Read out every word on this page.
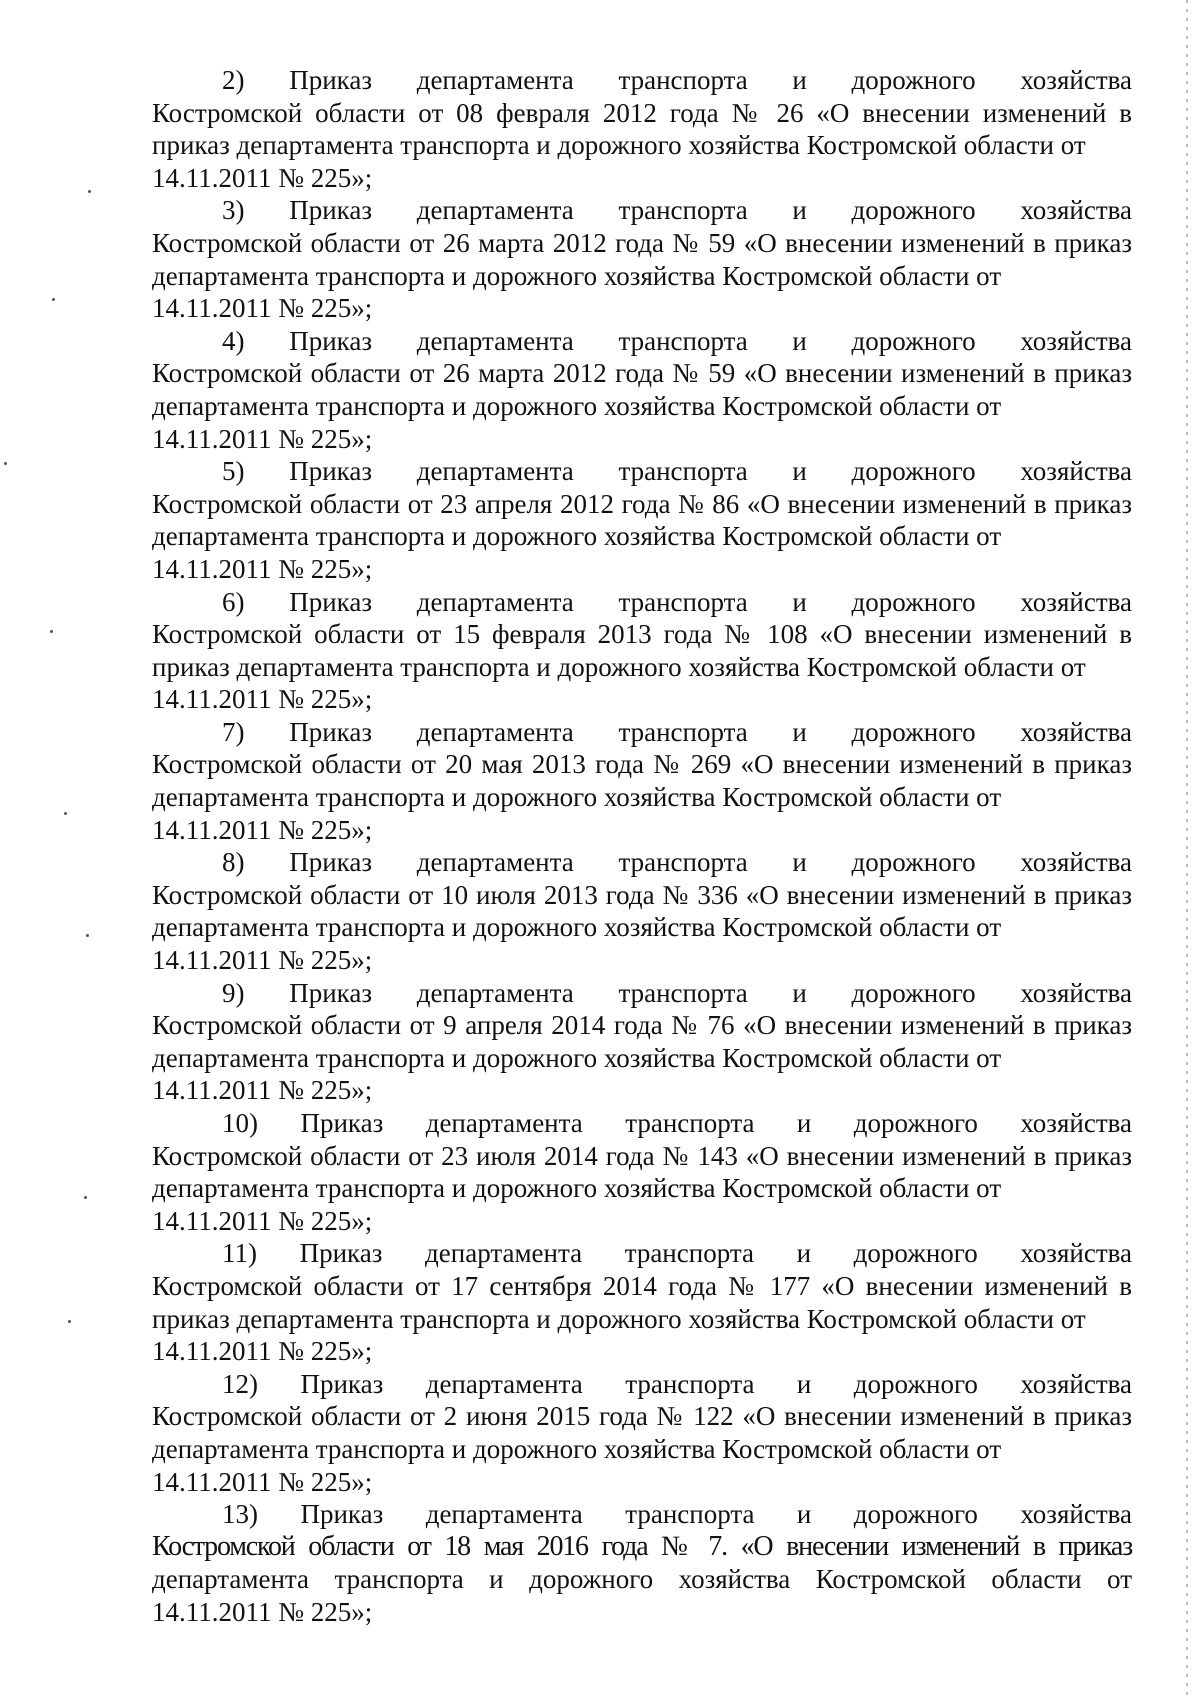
2) Приказ департамента транспорта и дорожного хозяйства
Костромской области от 08 февраля 2012 года № 26 «О внесении изменений в приказ департамента транспорта и дорожного хозяйства Костромской области от
14.11.2011 № 225»;
3) Приказ департамента транспорта и дорожного хозяйства
Костромской области от 26 марта 2012 года № 59 «О внесении изменений в приказ департамента транспорта и дорожного хозяйства Костромской области от
14.11.2011 № 225»;
4) Приказ департамента транспорта и дорожного хозяйства
Костромской области от 26 марта 2012 года № 59 «О внесении изменений в приказ департамента транспорта и дорожного хозяйства Костромской области от
14.11.2011 № 225»;
5) Приказ департамента транспорта и дорожного хозяйства
Костромской области от 23 апреля 2012 года № 86 «О внесении изменений в приказ департамента транспорта и дорожного хозяйства Костромской области от
14.11.2011 № 225»;
6) Приказ департамента транспорта и дорожного хозяйства
Костромской области от 15 февраля 2013 года № 108 «О внесении изменений в приказ департамента транспорта и дорожного хозяйства Костромской области от
14.11.2011 № 225»;
7) Приказ департамента транспорта и дорожного хозяйства
Костромской области от 20 мая 2013 года № 269 «О внесении изменений в приказ департамента транспорта и дорожного хозяйства Костромской области от
14.11.2011 № 225»;
8) Приказ департамента транспорта и дорожного хозяйства
Костромской области от 10 июля 2013 года № 336 «О внесении изменений в приказ департамента транспорта и дорожного хозяйства Костромской области от
14.11.2011 № 225»;
9) Приказ департамента транспорта и дорожного хозяйства
Костромской области от 9 апреля 2014 года № 76 «О внесении изменений в приказ департамента транспорта и дорожного хозяйства Костромской области от
14.11.2011 № 225»;
10) Приказ департамента транспорта и дорожного хозяйства
Костромской области от 23 июля 2014 года № 143 «О внесении изменений в приказ департамента транспорта и дорожного хозяйства Костромской области от
14.11.2011 № 225»;
11) Приказ департамента транспорта и дорожного хозяйства
Костромской области от 17 сентября 2014 года № 177 «О внесении изменений в приказ департамента транспорта и дорожного хозяйства Костромской области от
14.11.2011 № 225»;
12) Приказ департамента транспорта и дорожного хозяйства
Костромской области от 2 июня 2015 года № 122 «О внесении изменений в приказ департамента транспорта и дорожного хозяйства Костромской области от
14.11.2011 № 225»;
13) Приказ департамента транспорта и дорожного хозяйства
Костромской области от 18 мая 2016 года № 7. «О внесении изменений в приказ
департамента транспорта и дорожного хозяйства Костромской области от
14.11.2011 № 225»;
